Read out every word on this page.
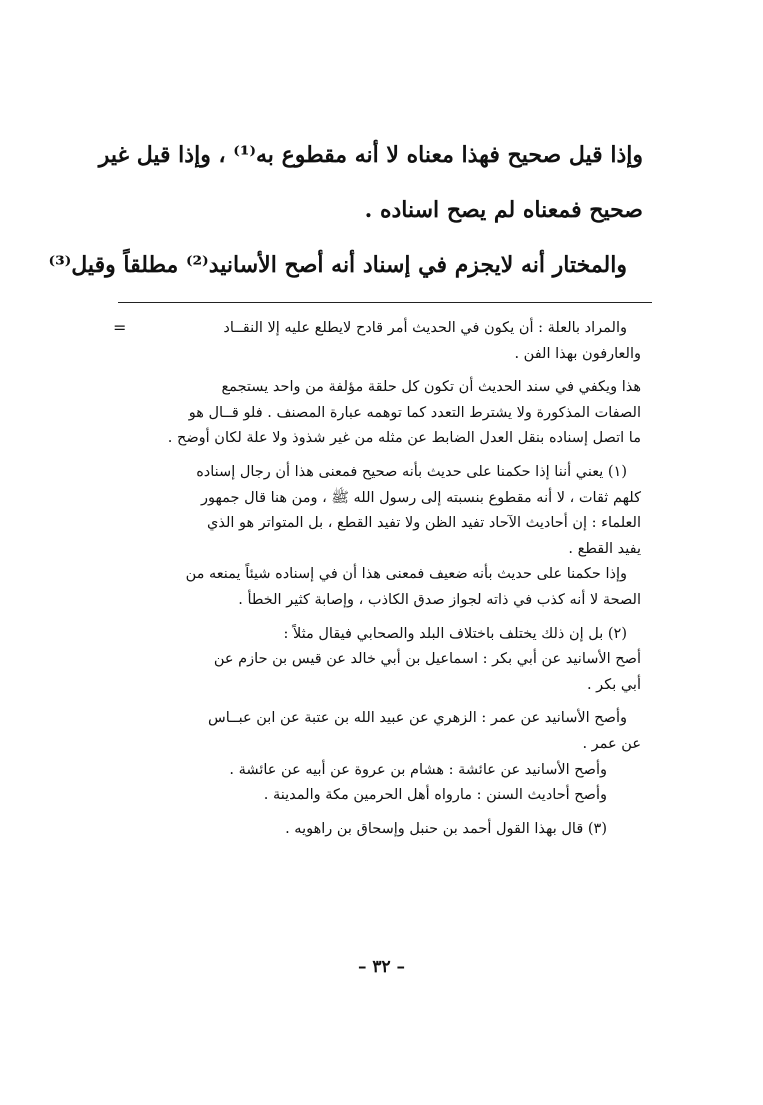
وإذا قيل صحيح فهذا معناه لا أنه مقطوع به⁽¹⁾ ، وإذا قيل غير

صحيح فمعناه لم يصح اسناده .

والمختار أنه لايجزم في إسناد أنه أصح الأسانيد⁽²⁾ مطلقاً وقيل⁽³⁾

=	والمراد بالعلة : أن يكون في الحديث أمر قادح لايطلع عليه إلا النقــاد
والعارفون بهذا الفن .
هذا ويكفي في سند الحديث أن تكون كل حلقة مؤلفة من واحد يستجمع
الصفات المذكورة ولا يشترط التعدد كما توهمه عبارة المصنف . فلو قــال هو
ما اتصل إسناده بنقل العدل الضابط عن مثله من غير شذوذ ولا علة لكان أوضح .
(١) يعني أننا إذا حكمنا على حديث بأنه صحيح فمعنى هذا أن رجال إسناده
كلهم ثقات ، لا أنه مقطوع بنسبته إلى رسول الله ﷺ ، ومن هنا قال جمهور
العلماء : إن أحاديث الآحاد تفيد الظن ولا تفيد القطع ، بل المتواتر هو الذي
يفيد القطع .
وإذا حكمنا على حديث بأنه ضعيف فمعنى هذا أن في إسناده شيئاً يمنعه من
الصحة لا أنه كذب في ذاته لجواز صدق الكاذب ، وإصابة كثير الخطأ .
(٢) بل إن ذلك يختلف باختلاف البلد والصحابي فيقال مثلاً :
أصح الأسانيد عن أبي بكر : اسماعيل بن أبي خالد عن قيس بن حازم عن
أبي بكر .
وأصح الأسانيد عن عمر : الزهري عن عبيد الله بن عتبة عن ابن عبــاس
عن عمر .
وأصح الأسانيد عن عائشة : هشام بن عروة عن أبيه عن عائشة .
وأصح أحاديث السنن : مارواه أهل الحرمين مكة والمدينة .
(٣) قال بهذا القول أحمد بن حنبل وإسحاق بن راهويه .
– ٣٢ –
